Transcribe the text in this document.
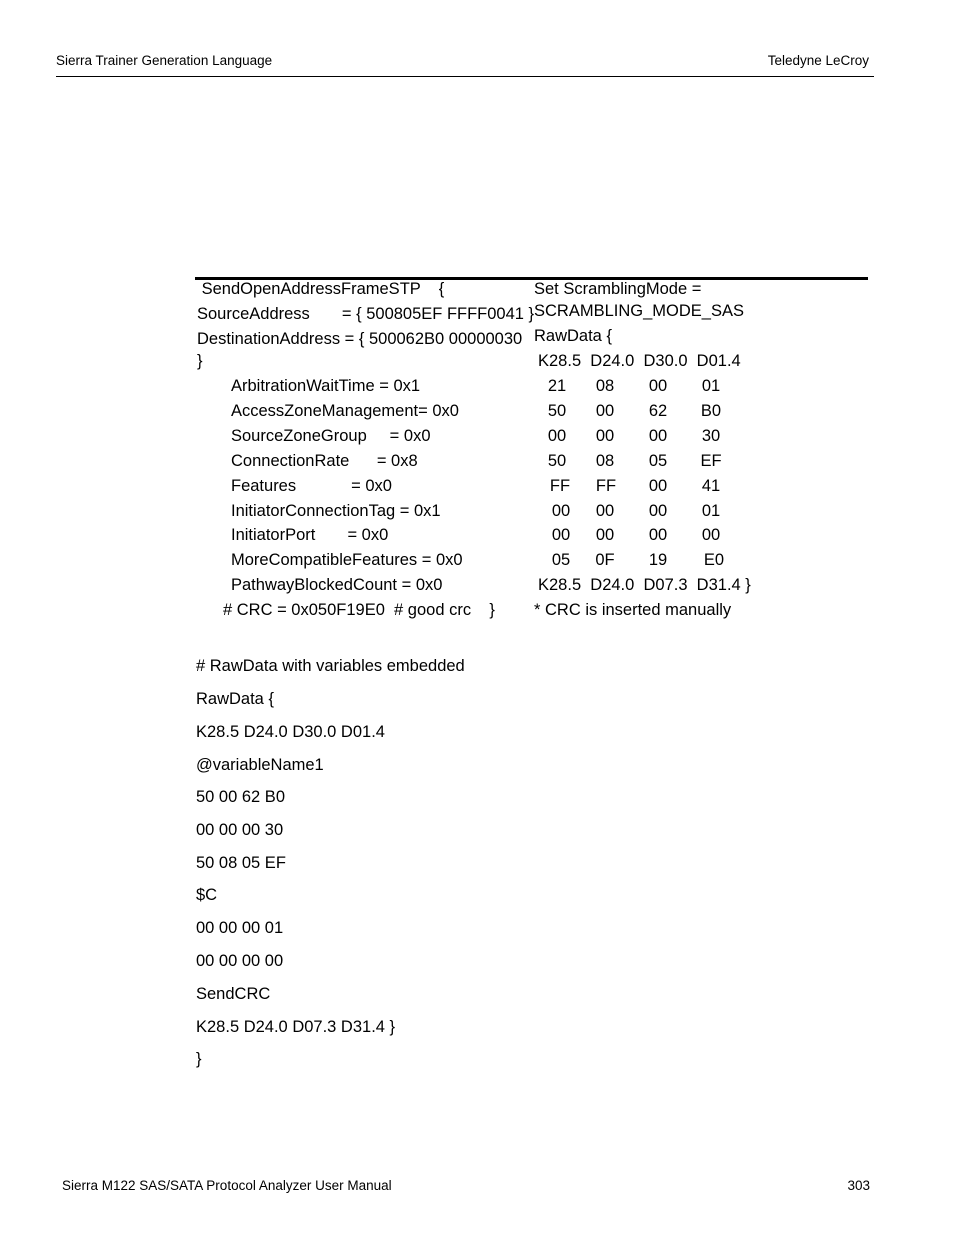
Sierra Trainer Generation Language	Teledyne LeCroy
SendOpenAddressFrameSTP    {
SourceAddress       = { 500805EF FFFF0041 }
DestinationAddress = { 500062B0 00000030
}
ArbitrationWaitTime = 0x1
AccessZoneManagement= 0x0
SourceZoneGroup     = 0x0
ConnectionRate      = 0x8
Features            = 0x0
InitiatorConnectionTag = 0x1
InitiatorPort       = 0x0
MoreCompatibleFeatures = 0x0
PathwayBlockedCount = 0x0
# CRC = 0x050F19E0  # good crc    }
Set ScramblingMode =
SCRAMBLING_MODE_SAS
RawData {
K28.5  D24.0  D30.0  D01.4
21	08	00	01
50	00	62	B0
00	00	00	30
50	08	05	EF
FF	FF	00	41
00	00	00	01
00	00	00	00
05	0F	19	E0
K28.5  D24.0  D07.3  D31.4 }
* CRC is inserted manually
# RawData with variables embedded
RawData {
K28.5 D24.0 D30.0 D01.4
@variableName1
50 00 62 B0
00 00 00 30
50 08 05 EF
$C
00 00 00 01
00 00 00 00
SendCRC
K28.5 D24.0 D07.3 D31.4 }
}
Sierra M122 SAS/SATA Protocol Analyzer User Manual	303
